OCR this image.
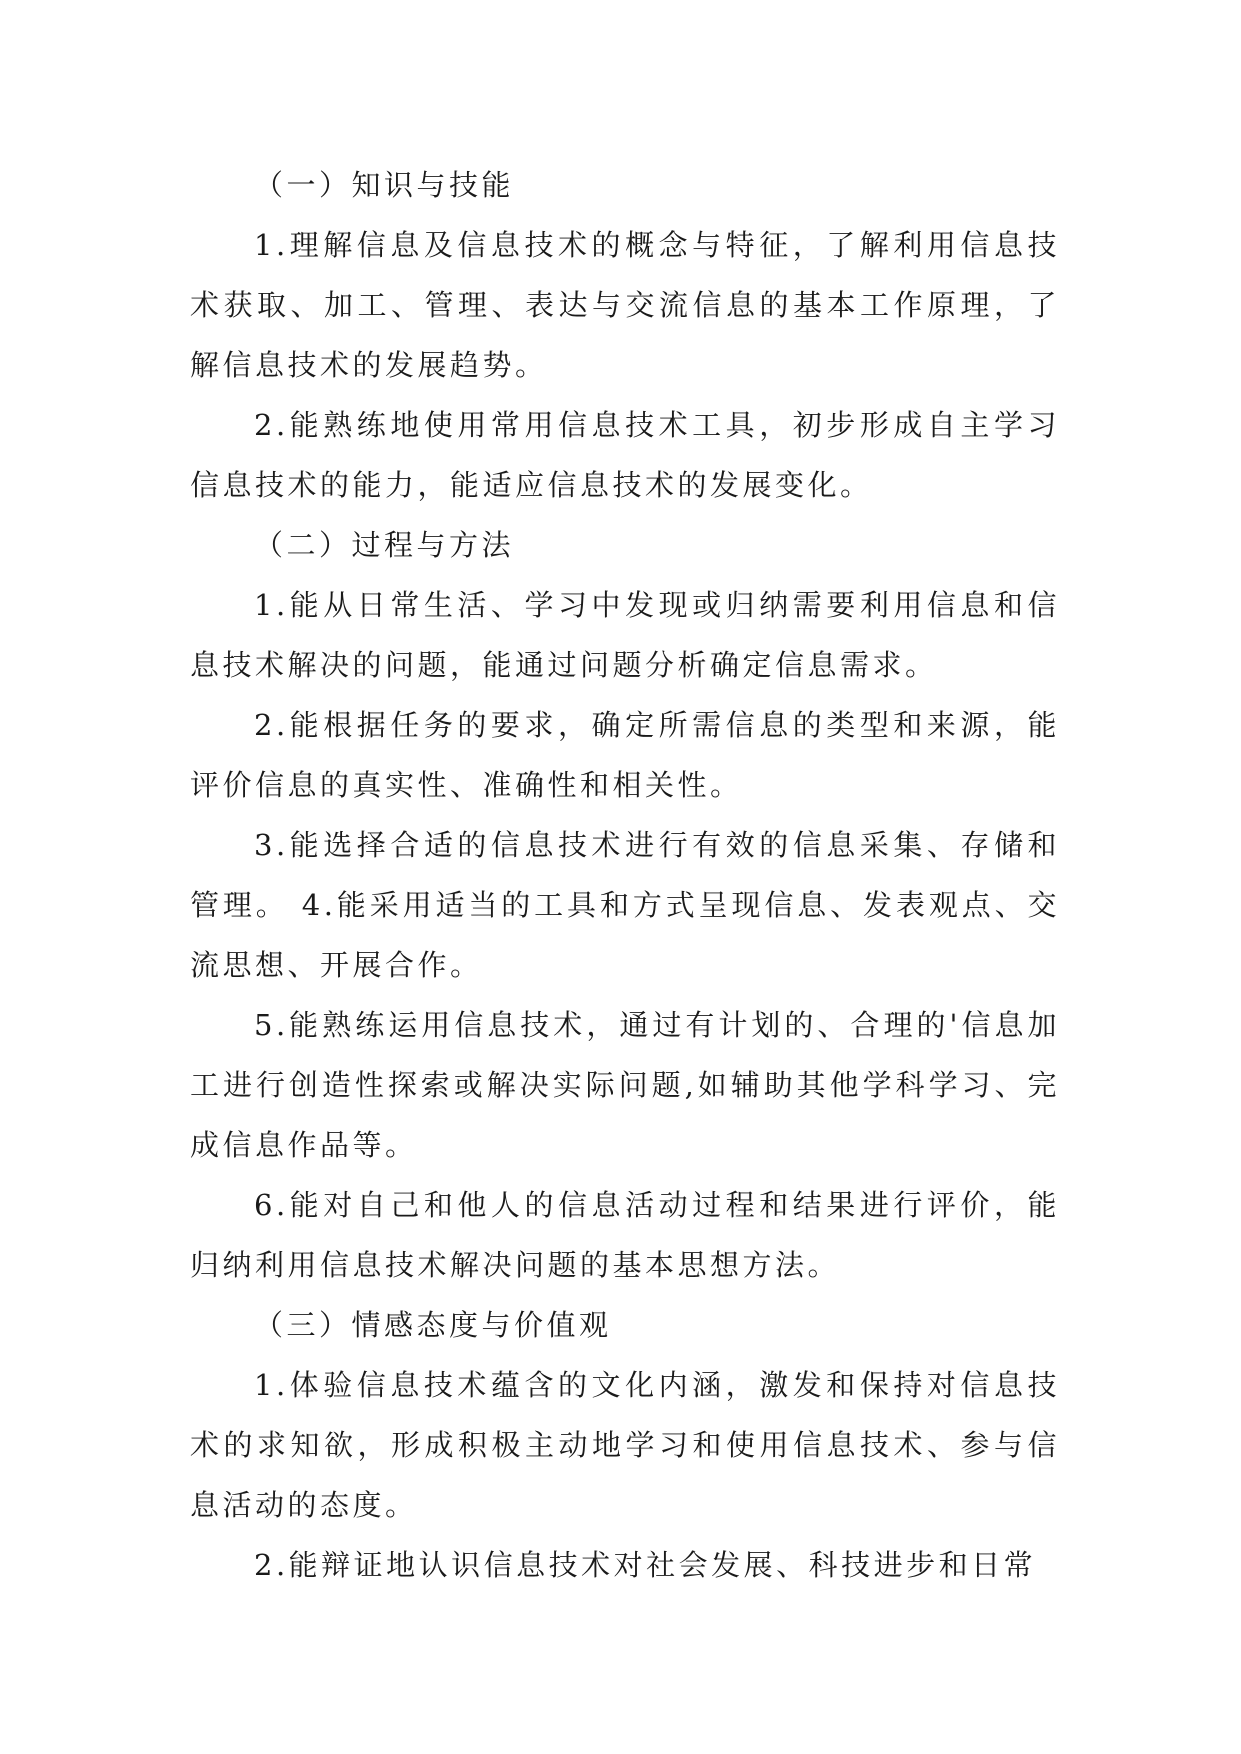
（一）知识与技能

1.理解信息及信息技术的概念与特征，了解利用信息技术获取、加工、管理、表达与交流信息的基本工作原理，了解信息技术的发展趋势。

2.能熟练地使用常用信息技术工具，初步形成自主学习信息技术的能力，能适应信息技术的发展变化。

（二）过程与方法

1.能从日常生活、学习中发现或归纳需要利用信息和信息技术解决的问题，能通过问题分析确定信息需求。

2.能根据任务的要求，确定所需信息的类型和来源，能评价信息的真实性、准确性和相关性。

3.能选择合适的信息技术进行有效的信息采集、存储和管理。 4.能采用适当的工具和方式呈现信息、发表观点、交流思想、开展合作。

5.能熟练运用信息技术，通过有计划的、合理的'信息加工进行创造性探索或解决实际问题,如辅助其他学科学习、完成信息作品等。

6.能对自己和他人的信息活动过程和结果进行评价，能归纳利用信息技术解决问题的基本思想方法。

（三）情感态度与价值观

1.体验信息技术蕴含的文化内涵，激发和保持对信息技术的求知欲，形成积极主动地学习和使用信息技术、参与信息活动的态度。

2.能辩证地认识信息技术对社会发展、科技进步和日常
